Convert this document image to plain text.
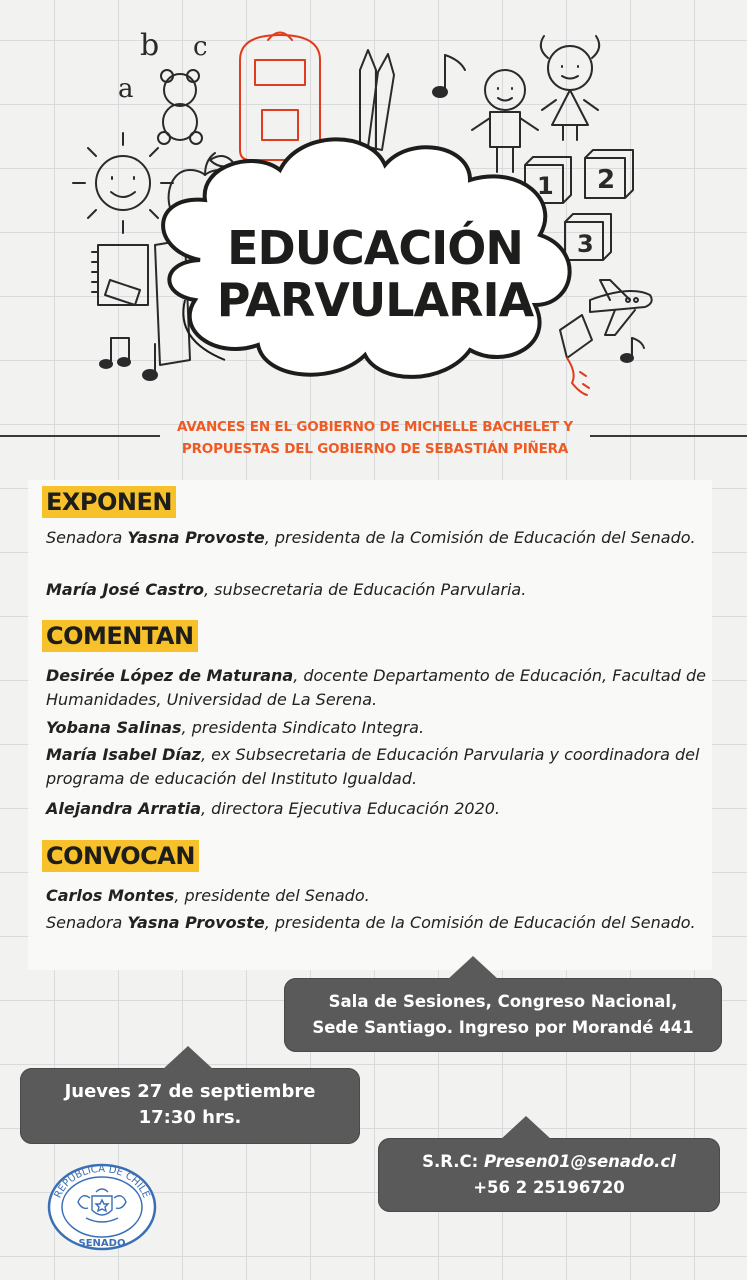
a
b c
1 2
3
EDUCACIÓN
PARVULARIA
AVANCES EN EL GOBIERNO DE MICHELLE BACHELET Y
PROPUESTAS DEL GOBIERNO DE SEBASTIÁN PIÑERA
EXPONEN
Senadora Yasna Provoste, presidenta de la Comisión de Educación del Senado.
María José Castro, subsecretaria de Educación Parvularia.
COMENTAN
Desirée López de Maturana, docente Departamento de Educación, Facultad de Humanidades, Universidad de La Serena.
Yobana Salinas, presidenta Sindicato Integra.
María Isabel Díaz, ex Subsecretaria de Educación Parvularia y coordinadora del programa de educación del Instituto Igualdad.
Alejandra Arratia, directora Ejecutiva Educación 2020.
CONVOCAN
Carlos Montes, presidente del Senado.
Senadora Yasna Provoste, presidenta de la Comisión de Educación del Senado.
Sala de Sesiones, Congreso Nacional,
Sede Santiago. Ingreso por Morandé 441
Jueves 27 de septiembre
17:30 hrs.
S.R.C: Presen01@senado.cl
+56 2 25196720
REPUBLICA DE CHILE
SENADO
